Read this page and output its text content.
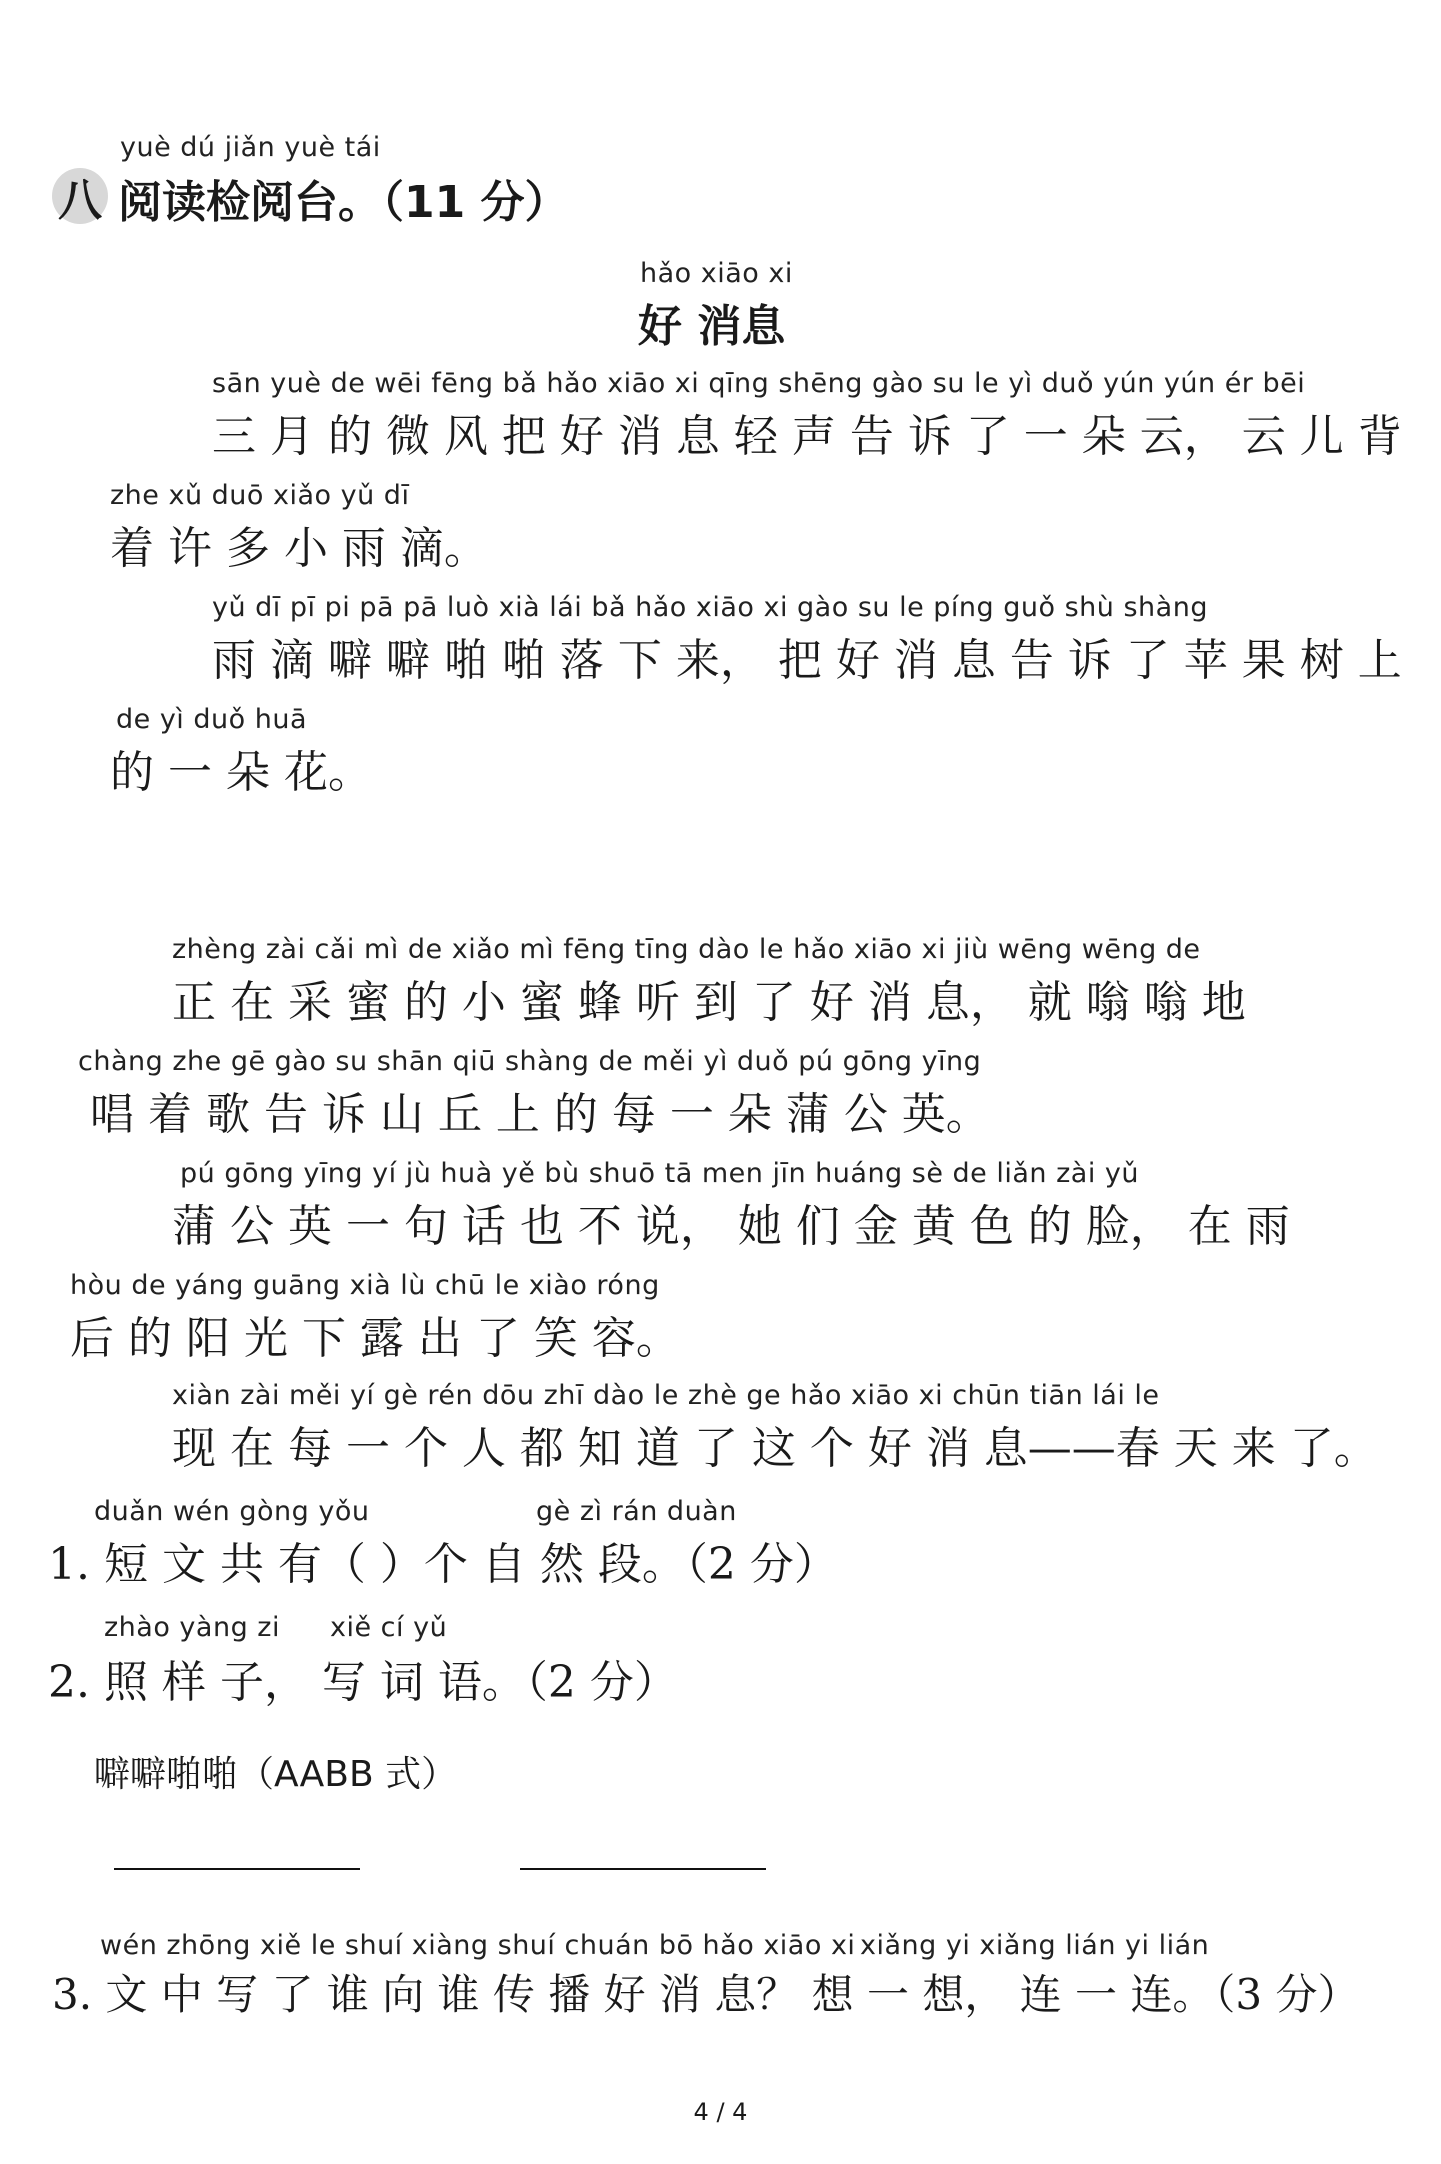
yuè dú jiǎn yuè tái
八 阅读检阅台。（11 分）
hǎo xiāo xi
好 消息
sān yuè de wēi fēng bǎ hǎo xiāo xi qīng shēng gào su le yì duǒ yún yún ér bēi
三 月 的 微 风 把 好 消 息 轻 声 告 诉 了 一 朵 云， 云 儿 背
zhe xǔ duō xiǎo yǔ dī
着 许 多 小 雨 滴。
yǔ dī pī pi pā pā luò xià lái bǎ hǎo xiāo xi gào su le píng guǒ shù shàng
雨 滴 噼 噼 啪 啪 落 下 来， 把 好 消 息 告 诉 了 苹 果 树 上
de yì duǒ huā
的 一 朵 花。
zhèng zài cǎi mì de xiǎo mì fēng tīng dào le hǎo xiāo xi jiù wēng wēng de
正 在 采 蜜 的 小 蜜 蜂 听 到 了 好 消 息， 就 嗡 嗡 地
chàng zhe gē gào su shān qiū shàng de měi yì duǒ pú gōng yīng
唱 着 歌 告 诉 山 丘 上 的 每 一 朵 蒲 公 英。
pú gōng yīng yí jù huà yě bù shuō tā men jīn huáng sè de liǎn zài yǔ
蒲 公 英 一 句 话 也 不 说， 她 们 金 黄 色 的 脸， 在 雨
hòu de yáng guāng xià lù chū le xiào róng
后 的 阳 光 下 露 出 了 笑 容。
xiàn zài měi yí gè rén dōu zhī dào le zhè ge hǎo xiāo xi chūn tiān lái le
现 在 每 一 个 人 都 知 道 了 这 个 好 消 息——春 天 来 了。
duǎn wén gòng yǒu	gè zì rán duàn
1. 短 文 共 有（ ）个 自 然 段。（2 分）
zhào yàng zi xiě cí yǔ
2. 照 样 子， 写 词 语。（2 分）
噼噼啪啪（AABB 式）
wén zhōng xiě le shuí xiàng shuí chuán bō hǎo xiāo xi xiǎng yi xiǎng lián yi lián
3. 文 中 写 了 谁 向 谁 传 播 好 消 息？ 想 一 想， 连 一 连。（3 分）
4 / 4
